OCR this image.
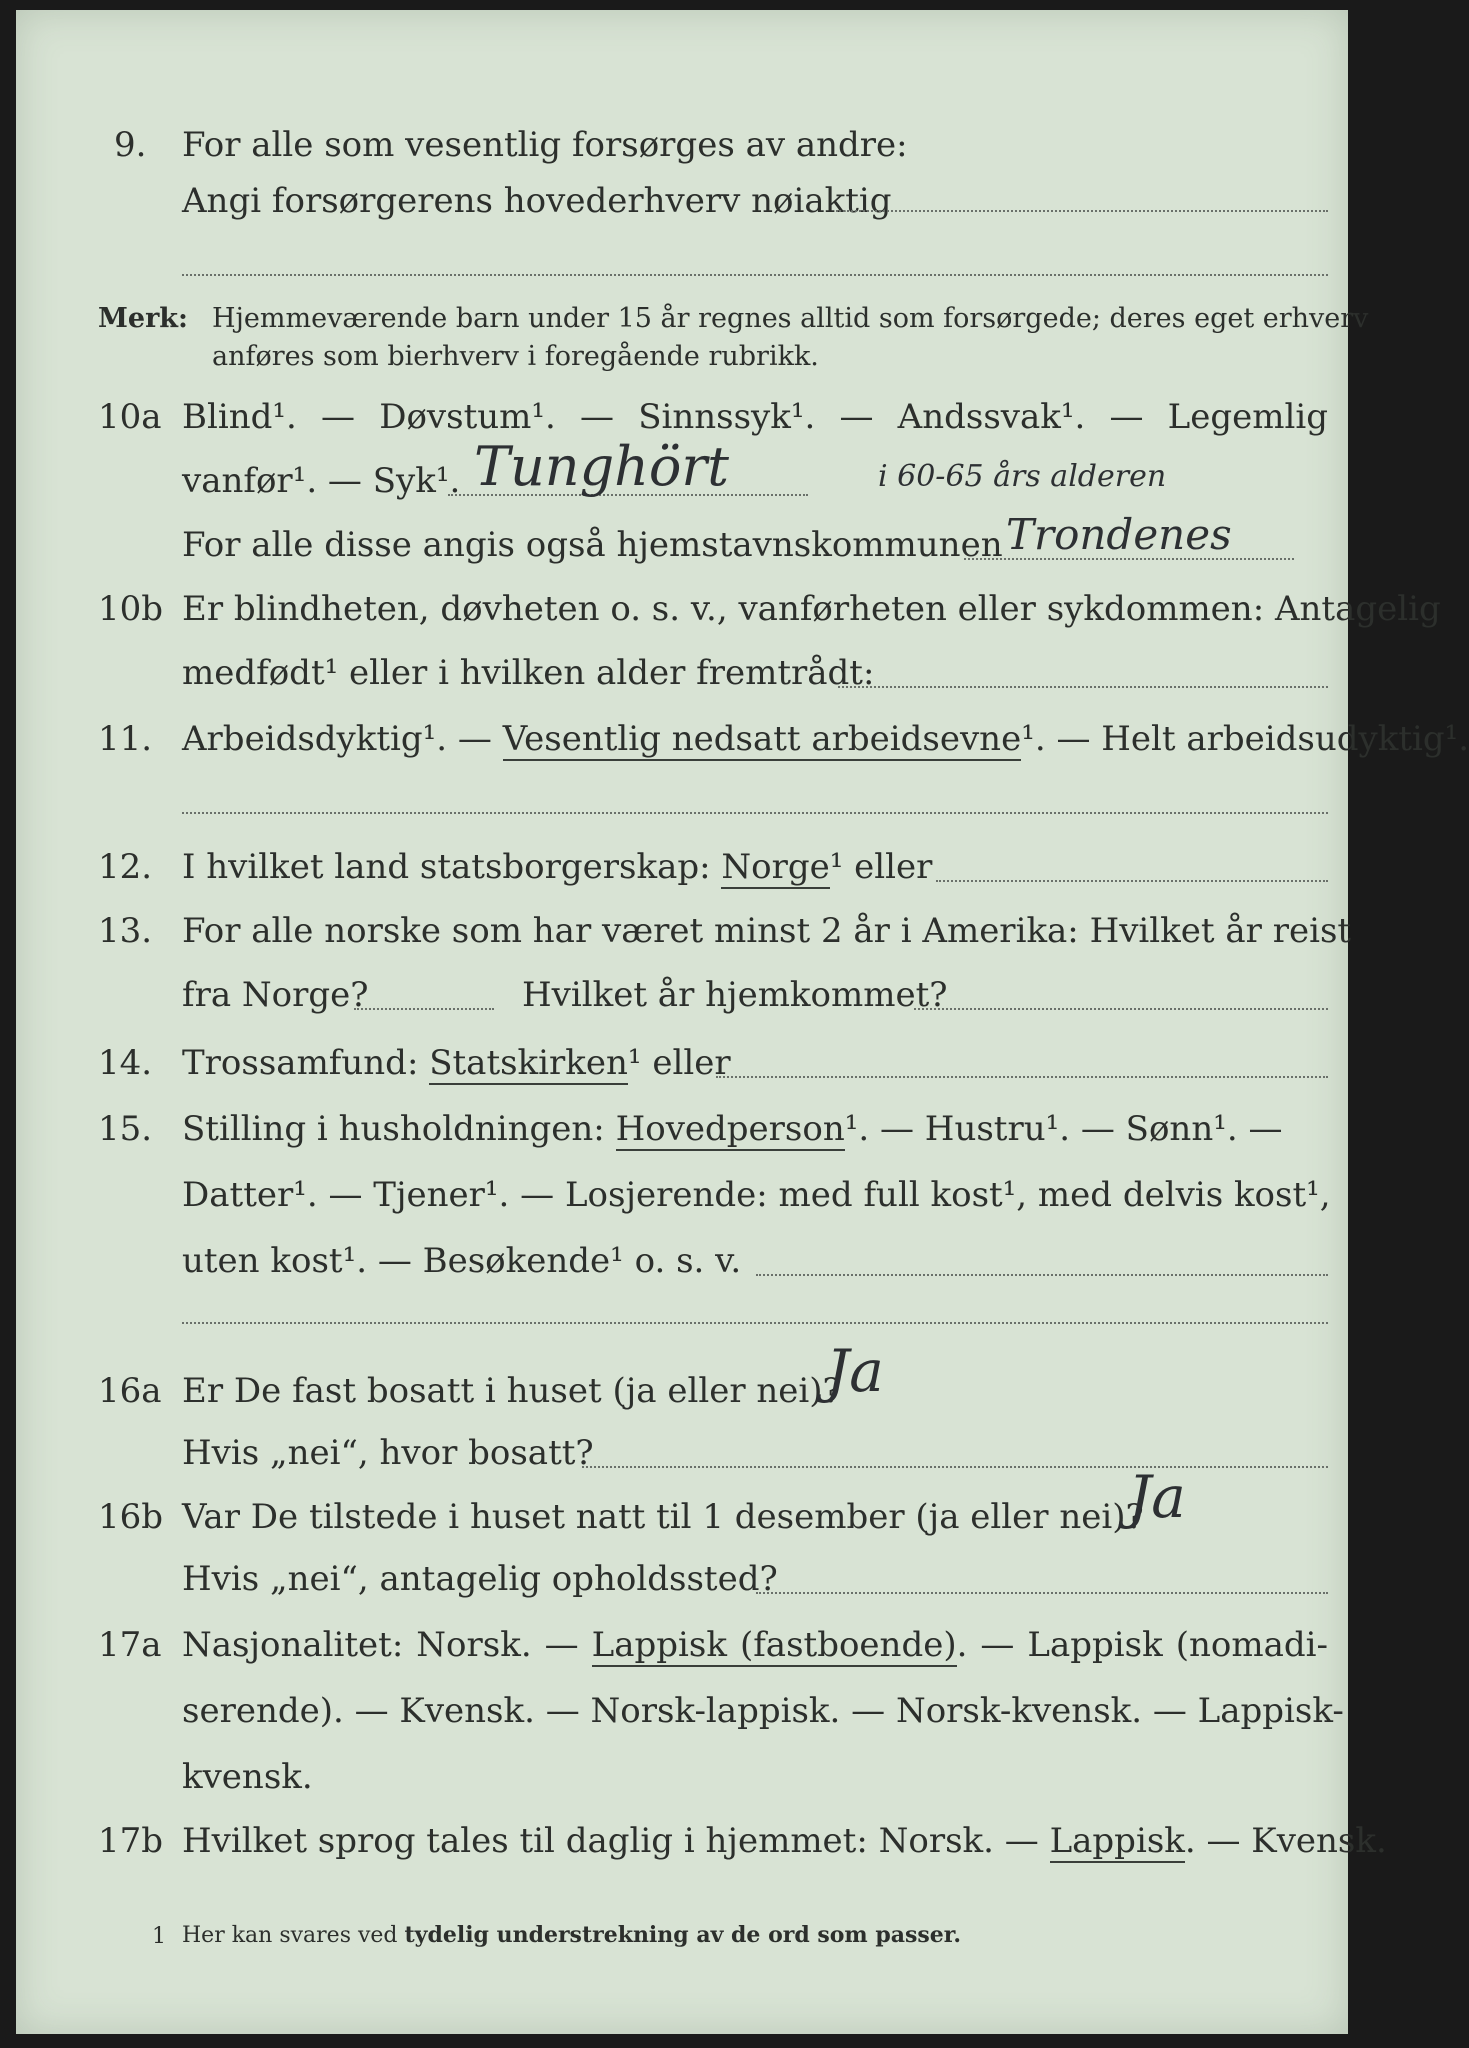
9.	For alle som vesentlig forsørges av andre:
Angi forsørgerens hovederhverv nøiaktig
Merk: Hjemmeværende barn under 15 år regnes alltid som forsørgede; deres eget erhverv
anføres som bierhverv i foregående rubrikk.
10a Blind¹. — Døvstum¹. — Sinnssyk¹. — Andssvak¹. — Legemlig
vanfør¹. — Syk¹. Tunghört	i 60-65 års alderen
For alle disse angis også hjemstavnskommunen Trondenes
10b Er blindheten, døvheten o. s. v., vanførheten eller sykdommen: Antagelig
medfødt¹ eller i hvilken alder fremtrådt:
11. Arbeidsdyktig¹. — Vesentlig nedsatt arbeidsevne¹. — Helt arbeidsudyktig¹.
12. I hvilket land statsborgerskap: Norge¹ eller
13. For alle norske som har været minst 2 år i Amerika: Hvilket år reist
fra Norge?	Hvilket år hjemkommet?
14. Trossamfund: Statskirken¹ eller
15. Stilling i husholdningen: Hovedperson¹. — Hustru¹. — Sønn¹. —
Datter¹. — Tjener¹. — Losjerende: med full kost¹, med delvis kost¹,
uten kost¹. — Besøkende¹ o. s. v.
16a Er De fast bosatt i huset (ja eller nei)?
Ja
Hvis „nei“, hvor bosatt?
16b Var De tilstede i huset natt til 1 desember (ja eller nei)?
Ja
Hvis „nei“, antagelig opholdssted?
17a Nasjonalitet: Norsk. — Lappisk (fastboende). — Lappisk (nomadi-
serende). — Kvensk. — Norsk-lappisk. — Norsk-kvensk. — Lappisk-
kvensk.
17b Hvilket sprog tales til daglig i hjemmet: Norsk. — Lappisk. — Kvensk.
1 Her kan svares ved tydelig understrekning av de ord som passer.
